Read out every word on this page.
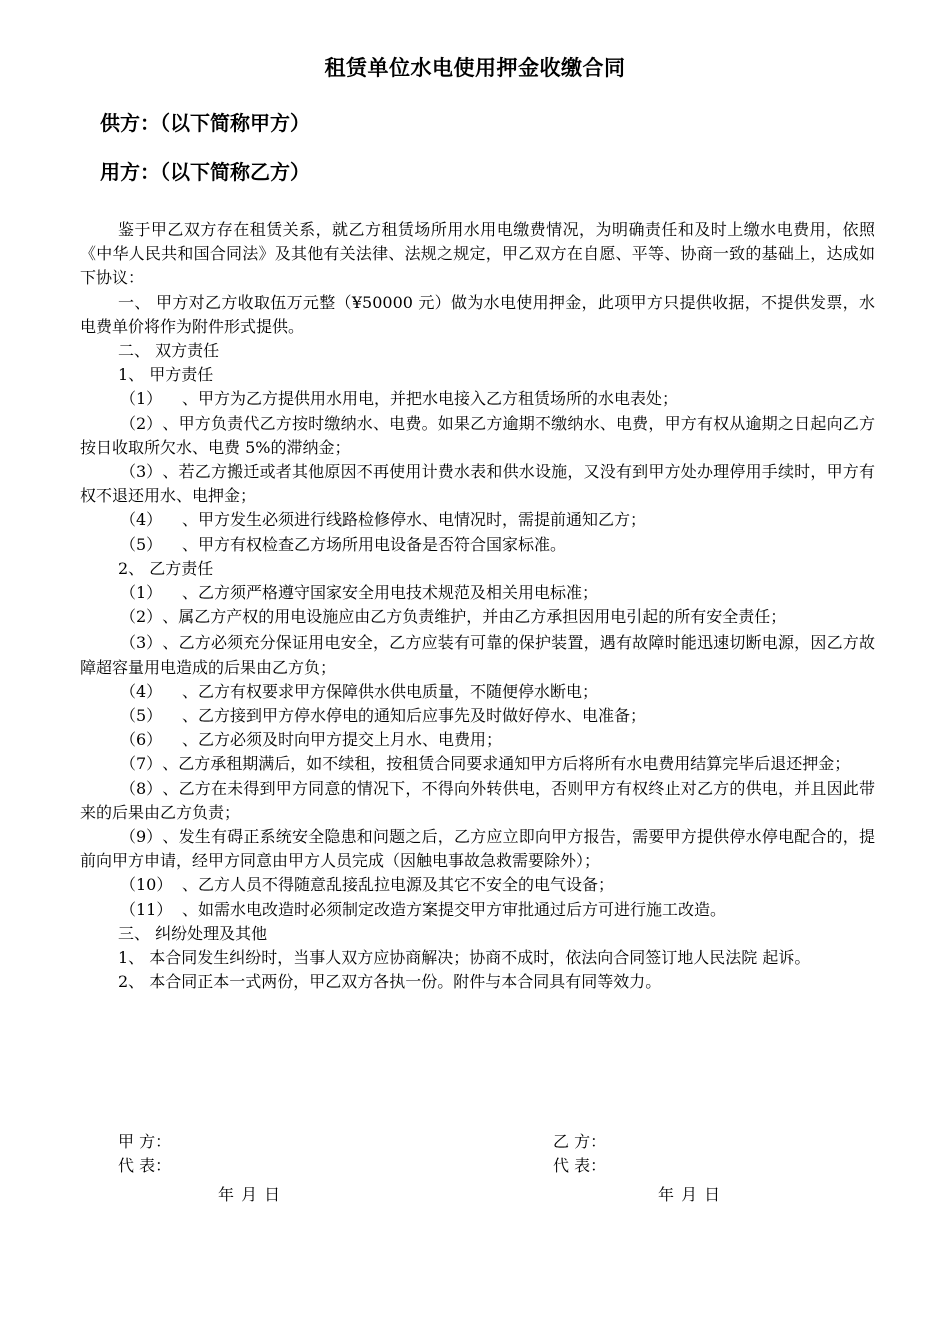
租赁单位水电使用押金收缴合同
供方：（以下简称甲方）
用方：（以下简称乙方）

鉴于甲乙双方存在租赁关系，就乙方租赁场所用水用电缴费情况，为明确责任和及时上缴水电费用，依照《中华人民共和国合同法》及其他有关法律、法规之规定，甲乙双方在自愿、平等、协商一致的基础上，达成如下协议：

一、 甲方对乙方收取伍万元整（¥50000 元）做为水电使用押金，此项甲方只提供收据，不提供发票，水电费单价将作为附件形式提供。

二、 双方责任

1、 甲方责任

（1） 、甲方为乙方提供用水用电，并把水电接入乙方租赁场所的水电表处；

（2）、甲方负责代乙方按时缴纳水、电费。如果乙方逾期不缴纳水、电费，甲方有权从逾期之日起向乙方按日收取所欠水、电费 5%的滞纳金；

（3）、若乙方搬迁或者其他原因不再使用计费水表和供水设施，又没有到甲方处办理停用手续时，甲方有权不退还用水、电押金；

（4） 、甲方发生必须进行线路检修停水、电情况时，需提前通知乙方；

（5） 、甲方有权检查乙方场所用电设备是否符合国家标准。

2、 乙方责任

（1） 、乙方须严格遵守国家安全用电技术规范及相关用电标准；

（2）、属乙方产权的用电设施应由乙方负责维护，并由乙方承担因用电引起的所有安全责任；

（3）、乙方必须充分保证用电安全，乙方应装有可靠的保护装置，遇有故障时能迅速切断电源，因乙方故障超容量用电造成的后果由乙方负；

（4） 、乙方有权要求甲方保障供水供电质量，不随便停水断电；

（5） 、乙方接到甲方停水停电的通知后应事先及时做好停水、电准备；

（6） 、乙方必须及时向甲方提交上月水、电费用；

（7）、乙方承租期满后，如不续租，按租赁合同要求通知甲方后将所有水电费用结算完毕后退还押金；

（8）、乙方在未得到甲方同意的情况下，不得向外转供电，否则甲方有权终止对乙方的供电，并且因此带来的后果由乙方负责；

（9）、发生有碍正系统安全隐患和问题之后，乙方应立即向甲方报告，需要甲方提供停水停电配合的，提前向甲方申请，经甲方同意由甲方人员完成（因触电事故急救需要除外）；

（10） 、乙方人员不得随意乱接乱拉电源及其它不安全的电气设备；

（11） 、如需水电改造时必须制定改造方案提交甲方审批通过后方可进行施工改造。

三、 纠纷处理及其他

1、 本合同发生纠纷时，当事人双方应协商解决；协商不成时，依法向合同签订地人民法院 起诉。

2、 本合同正本一式两份，甲乙双方各执一份。附件与本合同具有同等效力。

甲 方：
代 表：
乙 方：
代 表：
年 月 日	年 月 日
